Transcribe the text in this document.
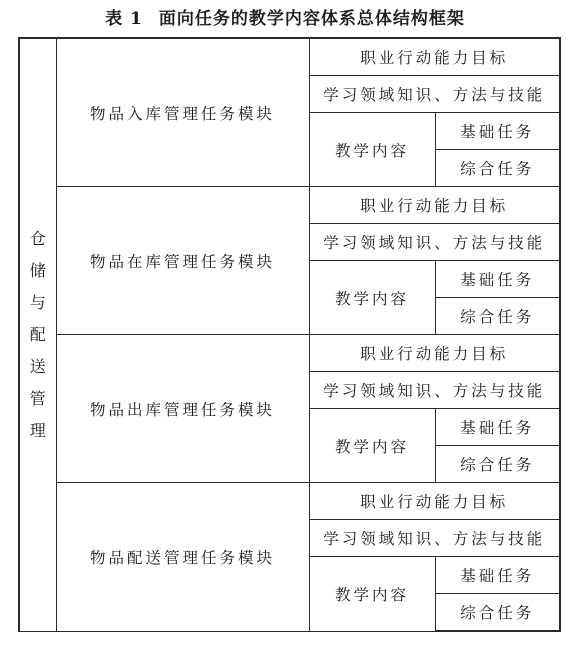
表 1 面向任务的教学内容体系总体结构框架
仓储与配送管理	物品入库管理任务模块	职业行动能力目标	
		学习领域知识、方法与技能	
		教学内容	基础任务
			综合任务
	物品在库管理任务模块	职业行动能力目标	
		学习领域知识、方法与技能	
		教学内容	基础任务
			综合任务
	物品出库管理任务模块	职业行动能力目标	
		学习领域知识、方法与技能	
		教学内容	基础任务
			综合任务
	物品配送管理任务模块	职业行动能力目标	
		学习领域知识、方法与技能	
		教学内容	基础任务
			综合任务
